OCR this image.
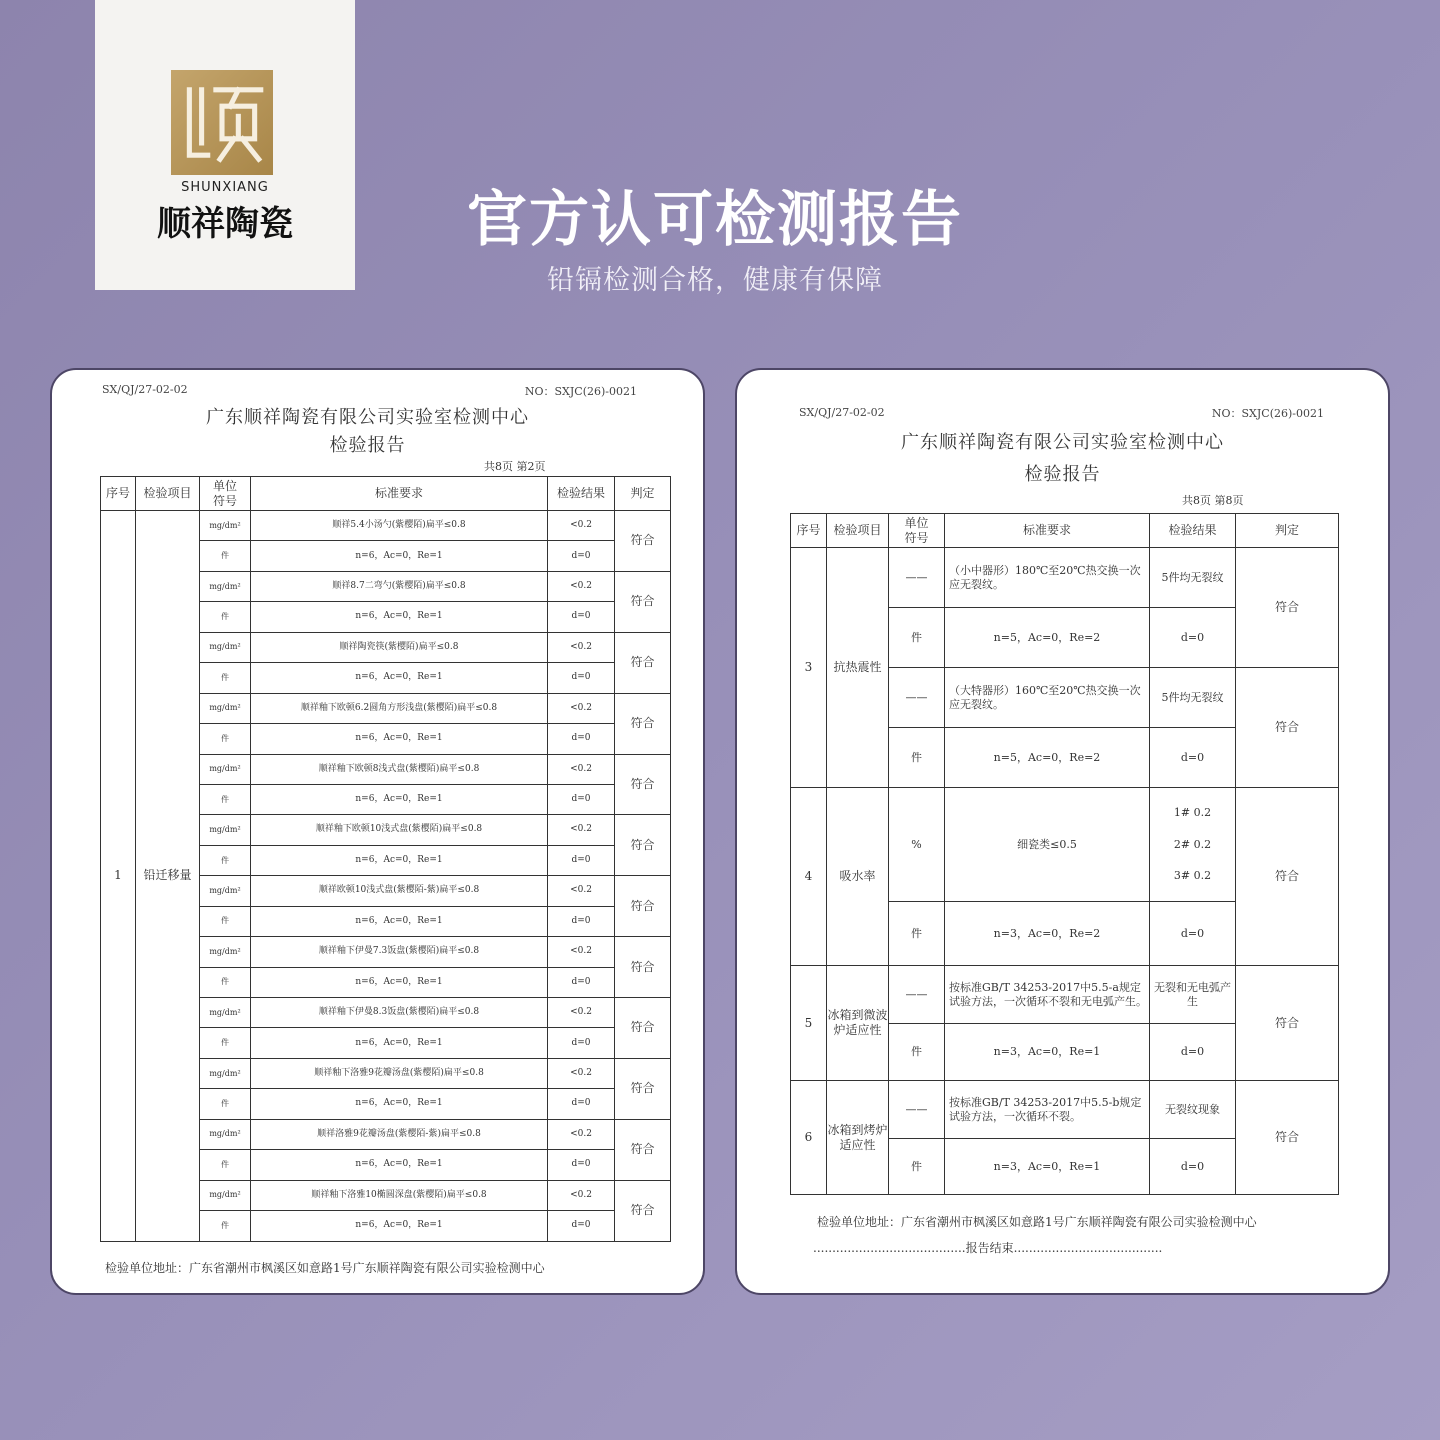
SHUNXIANG
顺祥陶瓷	官方认可检测报告
铅镉检测合格，健康有保障
SX/QJ/27-02-02	NO：SXJC(26)-0021
广东顺祥陶瓷有限公司实验室检测中心
检验报告
共8页 第2页
序号	检验项目	单位
符号	标准要求	检验结果	判定
1	铅迁移量	mg/dm²	顺祥5.4小汤勺(紫樱陌)扁平≤0.8	<0.2	符合
		件	n=6，Ac=0，Re=1	d=0	
		mg/dm²	顺祥8.7二弯勺(紫樱陌)扁平≤0.8	<0.2	符合
		件	n=6，Ac=0，Re=1	d=0	
		mg/dm²	顺祥陶瓷筷(紫樱陌)扁平≤0.8	<0.2	符合
		件	n=6，Ac=0，Re=1	d=0	
		mg/dm²	顺祥釉下欧顿6.2圆角方形浅盘(紫樱陌)扁平≤0.8	<0.2	符合
		件	n=6，Ac=0，Re=1	d=0	
		mg/dm²	顺祥釉下欧顿8浅式盘(紫樱陌)扁平≤0.8	<0.2	符合
		件	n=6，Ac=0，Re=1	d=0	
		mg/dm²	顺祥釉下欧顿10浅式盘(紫樱陌)扁平≤0.8	<0.2	符合
		件	n=6，Ac=0，Re=1	d=0	
		mg/dm²	顺祥欧顿10浅式盘(紫樱陌-紫)扁平≤0.8	<0.2	符合
		件	n=6，Ac=0，Re=1	d=0	
		mg/dm²	顺祥釉下伊曼7.3饭盘(紫樱陌)扁平≤0.8	<0.2	符合
		件	n=6，Ac=0，Re=1	d=0	
		mg/dm²	顺祥釉下伊曼8.3饭盘(紫樱陌)扁平≤0.8	<0.2	符合
		件	n=6，Ac=0，Re=1	d=0	
		mg/dm²	顺祥釉下洛雅9花瓣汤盘(紫樱陌)扁平≤0.8	<0.2	符合
		件	n=6，Ac=0，Re=1	d=0	
		mg/dm²	顺祥洛雅9花瓣汤盘(紫樱陌-紫)扁平≤0.8	<0.2	符合
		件	n=6，Ac=0，Re=1	d=0	
		mg/dm²	顺祥釉下洛雅10椭圆深盘(紫樱陌)扁平≤0.8	<0.2	符合
		件	n=6，Ac=0，Re=1	d=0	
检验单位地址：广东省潮州市枫溪区如意路1号广东顺祥陶瓷有限公司实验检测中心
SX/QJ/27-02-02	NO：SXJC(26)-0021
广东顺祥陶瓷有限公司实验室检测中心
检验报告
共8页 第8页
序号	检验项目	单位
符号	标准要求	检验结果	判定
3	抗热震性	——	（小中器形）180℃至20℃热交换一次应无裂纹。	5件均无裂纹	符合
		件	n=5，Ac=0，Re=2	d=0	
		——	（大特器形）160℃至20℃热交换一次应无裂纹。	5件均无裂纹	符合
		件	n=5，Ac=0，Re=2	d=0	
4	吸水率	%	细瓷类≤0.5	1# 0.2
2# 0.2
3# 0.2	符合
		件	n=3，Ac=0，Re=2	d=0	
5	冰箱到微波炉适应性	——	按标准GB/T 34253-2017中5.5-a规定试验方法，一次循环不裂和无电弧产生。	无裂和无电弧产生	符合
		件	n=3，Ac=0，Re=1	d=0	
6	冰箱到烤炉适应性	——	按标准GB/T 34253-2017中5.5-b规定试验方法，一次循环不裂。	无裂纹现象	符合
		件	n=3，Ac=0，Re=1	d=0	
检验单位地址：广东省潮州市枫溪区如意路1号广东顺祥陶瓷有限公司实验检测中心
........................................报告结束.......................................
